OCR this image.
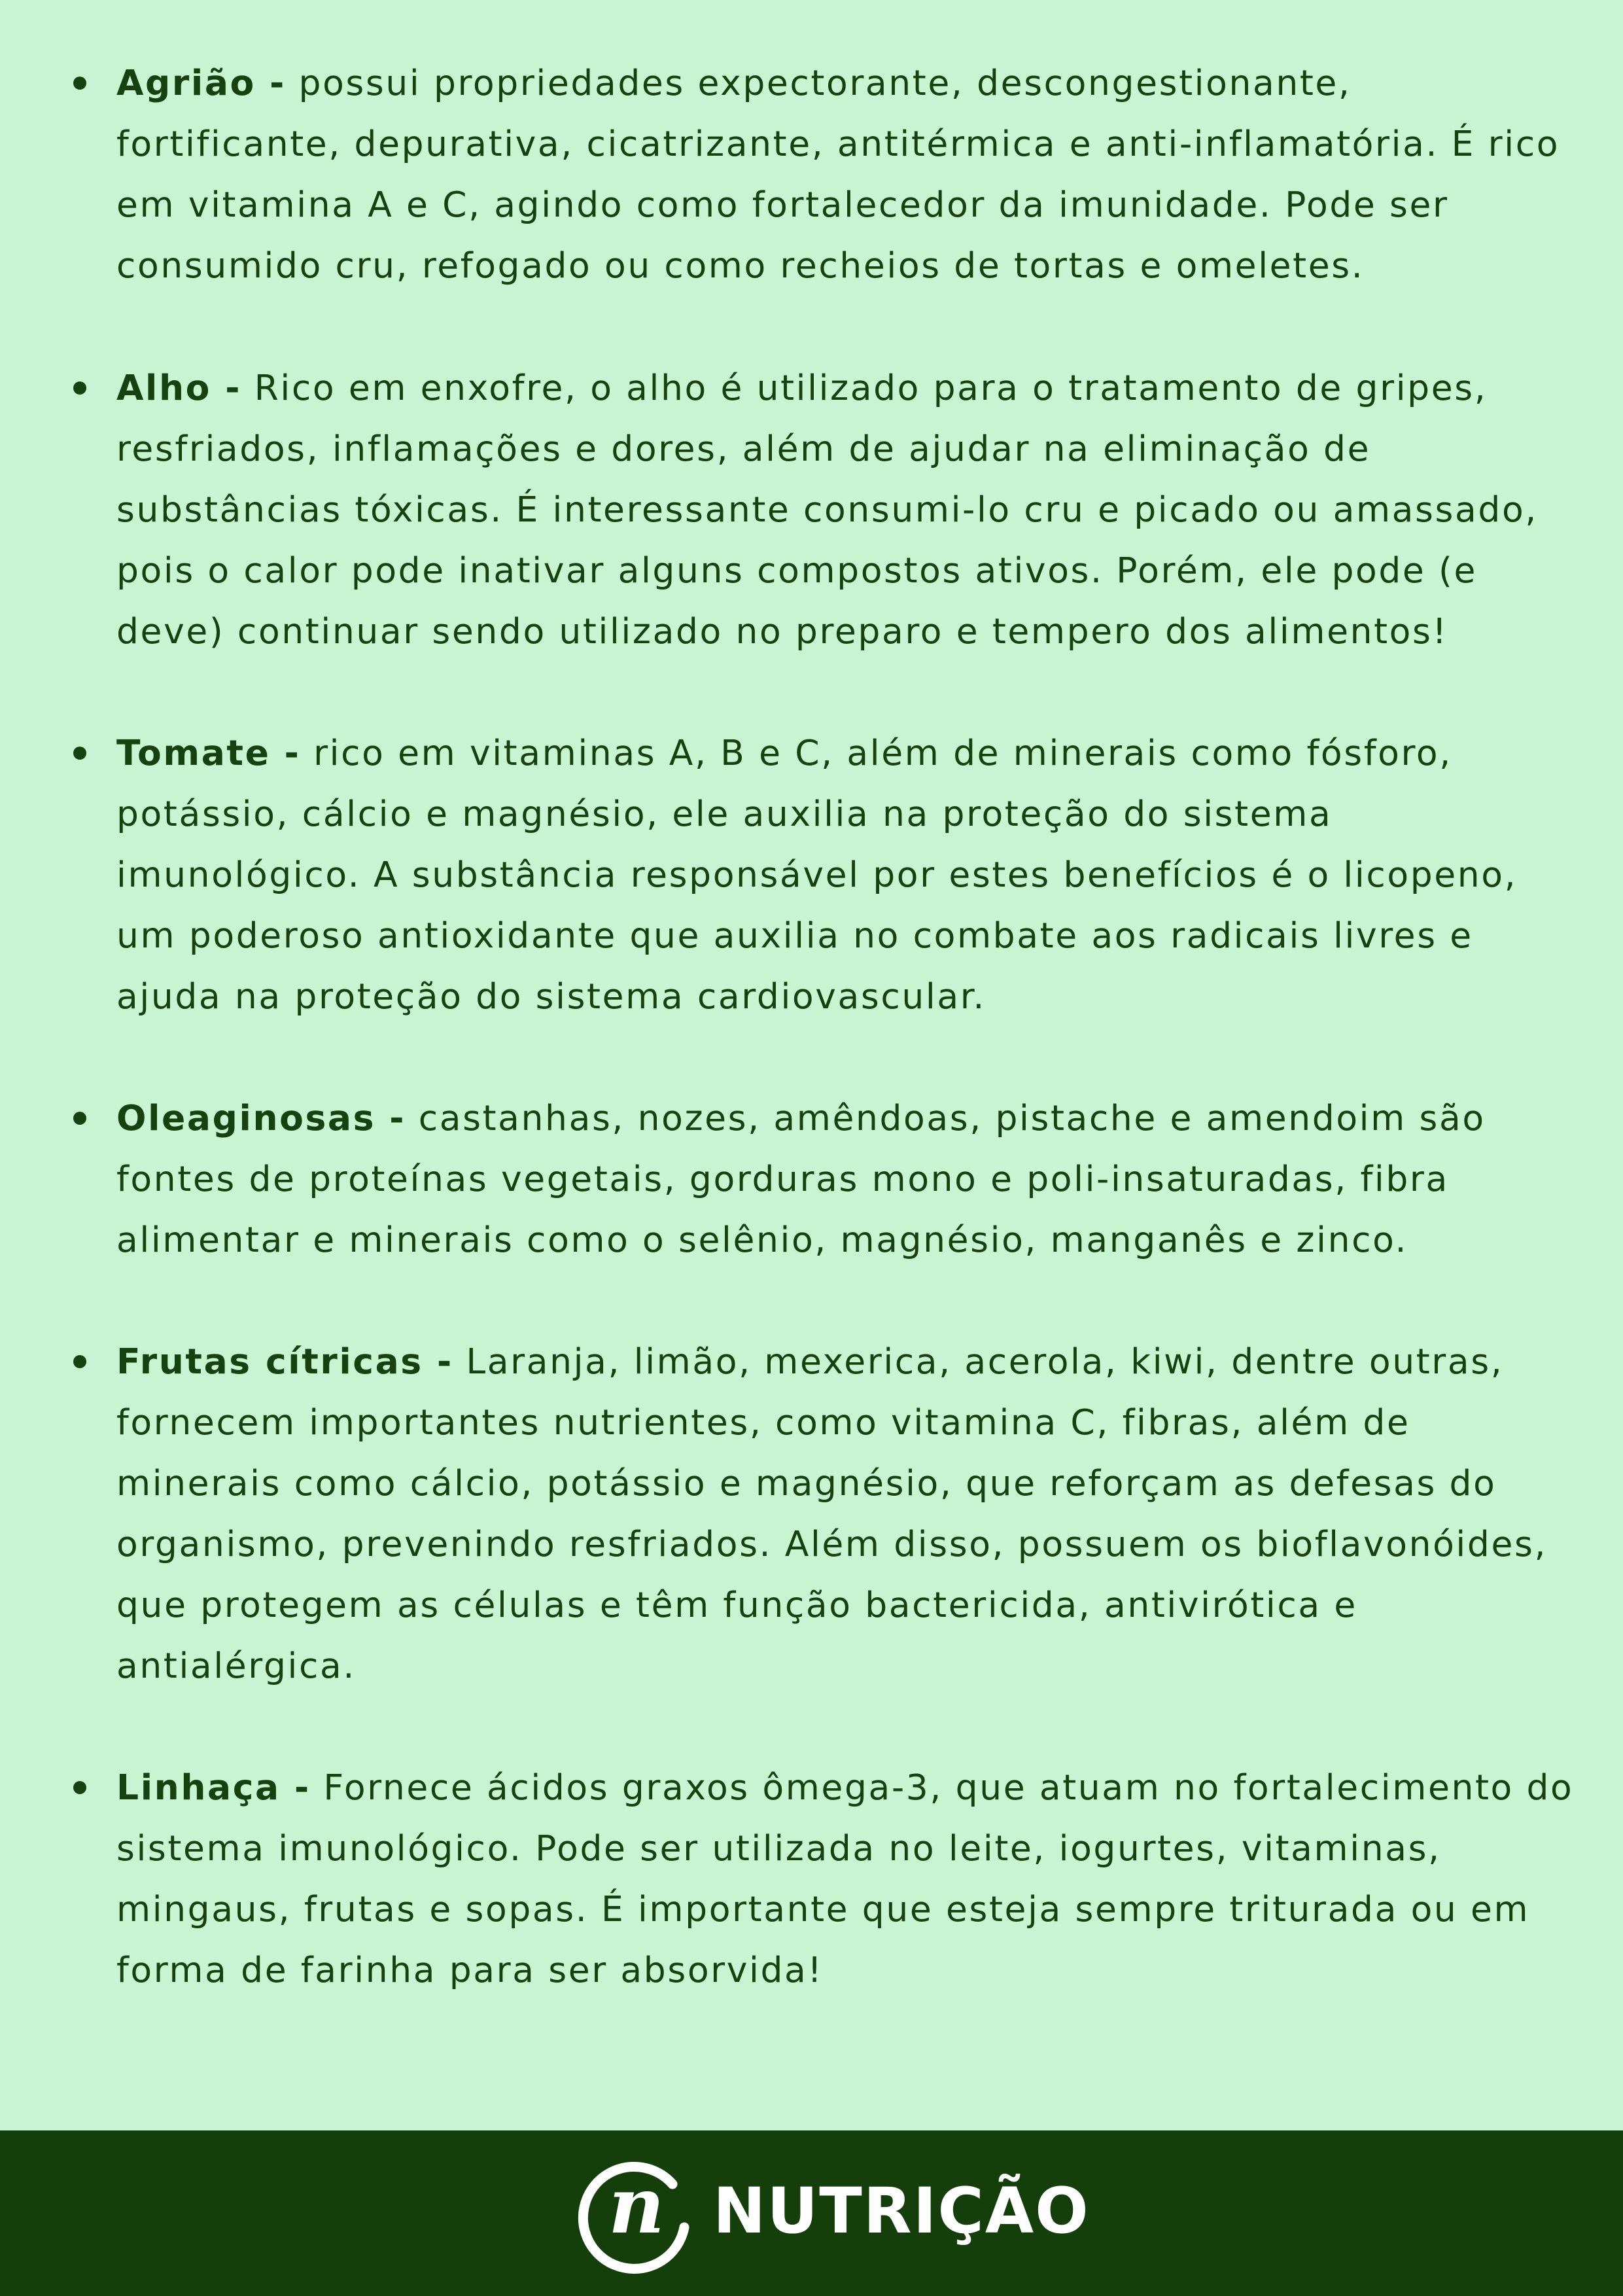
Agrião - possui propriedades expectorante, descongestionante,
fortificante, depurativa, cicatrizante, antitérmica e anti-inflamatória. É rico
em vitamina A e C, agindo como fortalecedor da imunidade. Pode ser
consumido cru, refogado ou como recheios de tortas e omeletes.

Alho - Rico em enxofre, o alho é utilizado para o tratamento de gripes,
resfriados, inflamações e dores, além de ajudar na eliminação de
substâncias tóxicas. É interessante consumi-lo cru e picado ou amassado,
pois o calor pode inativar alguns compostos ativos. Porém, ele pode (e
deve) continuar sendo utilizado no preparo e tempero dos alimentos!

Tomate - rico em vitaminas A, B e C, além de minerais como fósforo,
potássio, cálcio e magnésio, ele auxilia na proteção do sistema
imunológico. A substância responsável por estes benefícios é o licopeno,
um poderoso antioxidante que auxilia no combate aos radicais livres e
ajuda na proteção do sistema cardiovascular.

Oleaginosas - castanhas, nozes, amêndoas, pistache e amendoim são
fontes de proteínas vegetais, gorduras mono e poli-insaturadas, fibra
alimentar e minerais como o selênio, magnésio, manganês e zinco.

Frutas cítricas - Laranja, limão, mexerica, acerola, kiwi, dentre outras,
fornecem importantes nutrientes, como vitamina C, fibras, além de
minerais como cálcio, potássio e magnésio, que reforçam as defesas do
organismo, prevenindo resfriados. Além disso, possuem os bioflavonóides,
que protegem as células e têm função bactericida, antivirótica e
antialérgica.

Linhaça - Fornece ácidos graxos ômega-3, que atuam no fortalecimento do
sistema imunológico. Pode ser utilizada no leite, iogurtes, vitaminas,
mingaus, frutas e sopas. É importante que esteja sempre triturada ou em
forma de farinha para ser absorvida!

n NUTRIÇÃO
